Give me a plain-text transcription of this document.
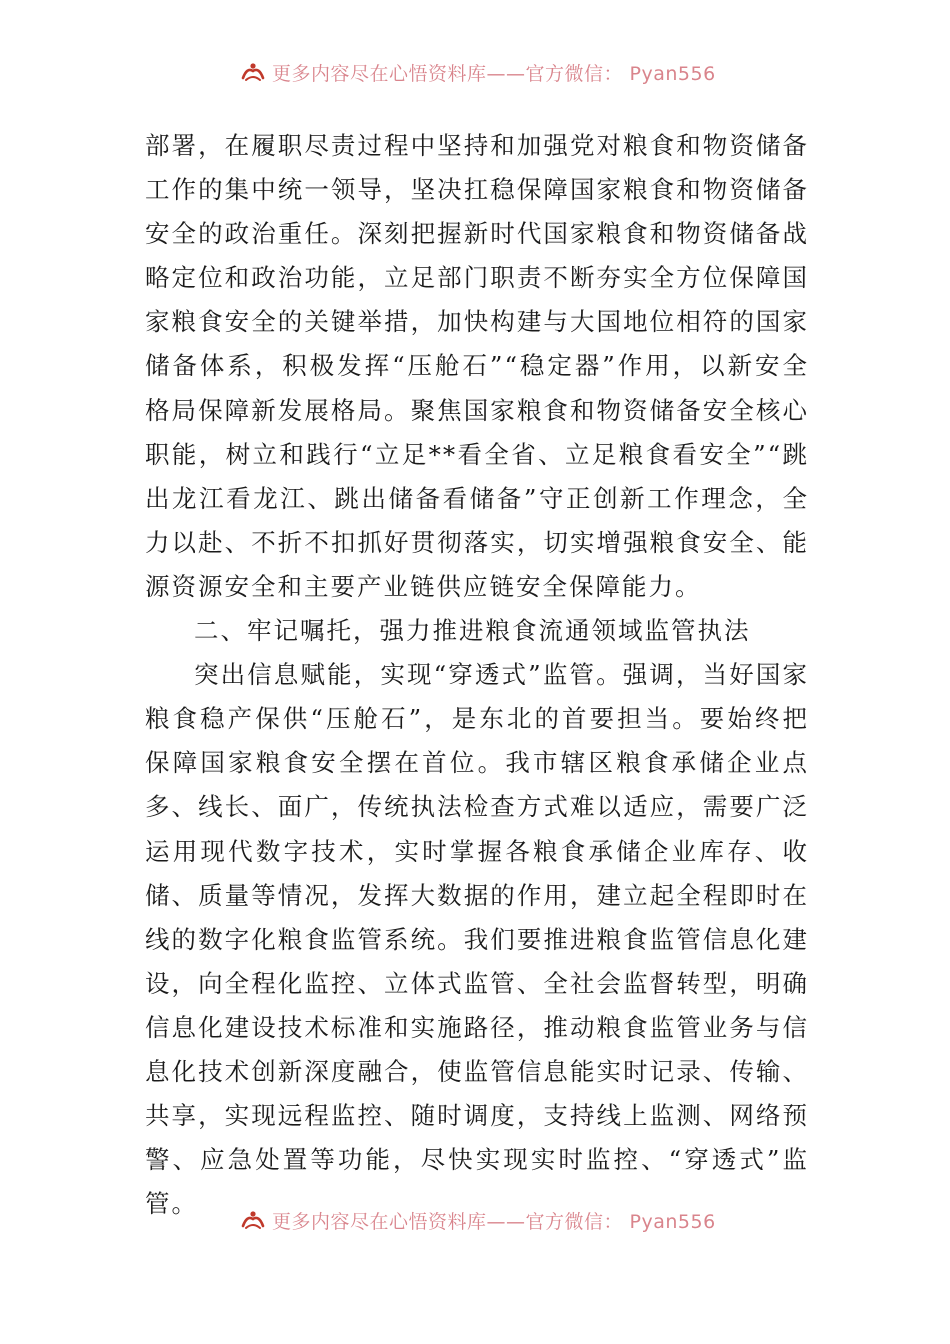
更多内容尽在心悟资料库——官方微信： Pyan556

部署，在履职尽责过程中坚持和加强党对粮食和物资储备工作的集中统一领导，坚决扛稳保障国家粮食和物资储备安全的政治重任。深刻把握新时代国家粮食和物资储备战略定位和政治功能，立足部门职责不断夯实全方位保障国家粮食安全的关键举措，加快构建与大国地位相符的国家储备体系，积极发挥“压舱石”“稳定器”作用，以新安全格局保障新发展格局。聚焦国家粮食和物资储备安全核心职能，树立和践行“立足**看全省、立足粮食看安全”“跳出龙江看龙江、跳出储备看储备”守正创新工作理念，全力以赴、不折不扣抓好贯彻落实，切实增强粮食安全、能源资源安全和主要产业链供应链安全保障能力。

二、牢记嘱托，强力推进粮食流通领域监管执法

突出信息赋能，实现“穿透式”监管。强调，当好国家粮食稳产保供“压舱石”，是东北的首要担当。要始终把保障国家粮食安全摆在首位。我市辖区粮食承储企业点多、线长、面广，传统执法检查方式难以适应，需要广泛运用现代数字技术，实时掌握各粮食承储企业库存、收储、质量等情况，发挥大数据的作用，建立起全程即时在线的数字化粮食监管系统。我们要推进粮食监管信息化建设，向全程化监控、立体式监管、全社会监督转型，明确信息化建设技术标准和实施路径，推动粮食监管业务与信息化技术创新深度融合，使监管信息能实时记录、传输、共享，实现远程监控、随时调度，支持线上监测、网络预警、应急处置等功能，尽快实现实时监控、“穿透式”监管。

更多内容尽在心悟资料库——官方微信： Pyan556
